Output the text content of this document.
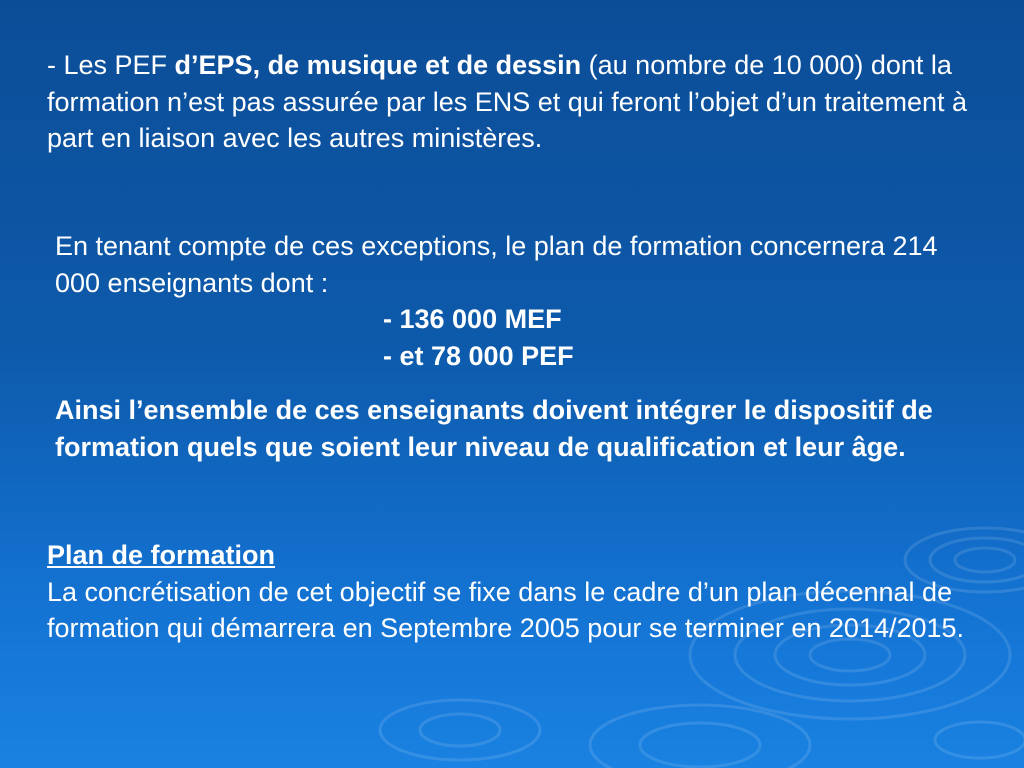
- Les PEF d’EPS, de musique et de dessin (au nombre de 10 000) dont la formation n’est pas assurée par les ENS et qui feront l’objet d’un traitement à part en liaison avec les autres ministères.
En tenant compte de ces exceptions, le plan de formation concernera 214 000 enseignants dont :
- 136 000 MEF
- et 78 000 PEF
Ainsi l’ensemble de ces enseignants doivent intégrer le dispositif de formation quels que soient leur niveau de qualification et leur âge.
Plan de formation
La concrétisation de cet objectif se fixe dans le cadre d’un plan décennal de formation qui démarrera en Septembre 2005 pour se terminer en 2014/2015.
